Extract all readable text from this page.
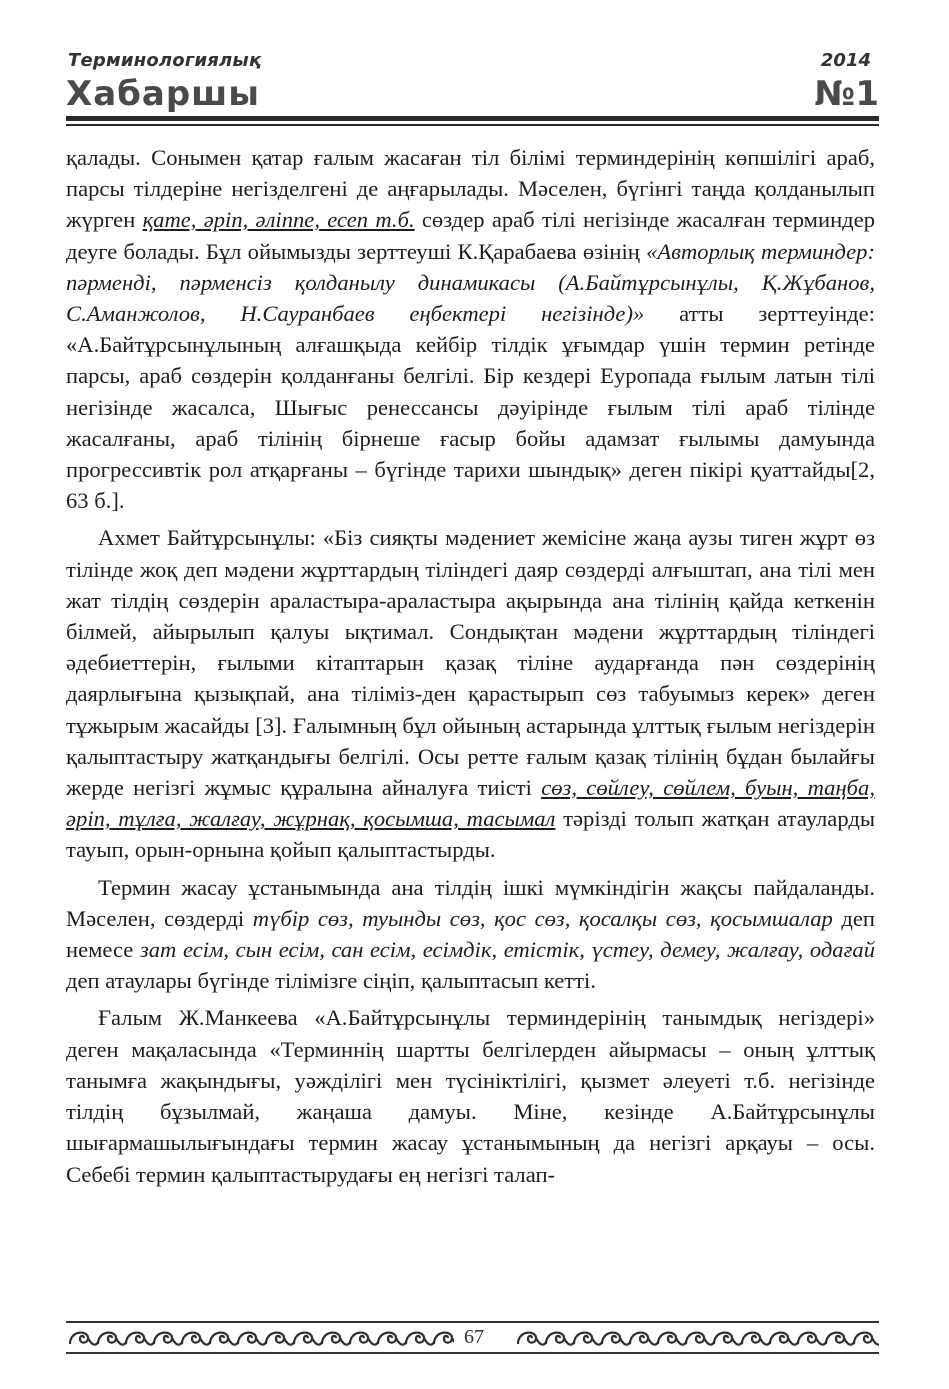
Терминологиялық
Хабаршы
2014
№1

қалады. Сонымен қатар ғалым жасаған тіл білімі терминдерінің көпшілігі араб, парсы тілдеріне негізделгені де аңғарылады. Мәселен, бүгінгі таңда қолданылып жүрген қате, әріп, әліппе, есеп т.б. сөздер араб тілі негізінде жасалған терминдер деуге болады. Бұл ойымызды зерттеуші К.Қарабаева өзінің «Авторлық терминдер: пәрменді, пәрменсіз қолданылу динамикасы (А.Байтұрсынұлы, Қ.Жұбанов, С.Аманжолов, Н.Сауранбаев еңбектері негізінде)» атты зерттеуінде: «А.Байтұрсынұлының алғашқыда кейбір тілдік ұғымдар үшін термин ретінде парсы, араб сөздерін қолданғаны белгілі. Бір кездері Еуропада ғылым латын тілі негізінде жасалса, Шығыс ренессансы дәуірінде ғылым тілі араб тілінде жасалғаны, араб тілінің бірнеше ғасыр бойы адамзат ғылымы дамуында прогрессивтік рол атқарғаны – бүгінде тарихи шындық» деген пікірі қуаттайды[2, 63 б.].

Ахмет Байтұрсынұлы: «Біз сияқты мәдениет жемісіне жаңа аузы тиген жұрт өз тілінде жоқ деп мәдени жұрттардың тіліндегі даяр сөздерді алғыштап, ана тілі мен жат тілдің сөздерін араластыра-араластыра ақырында ана тілінің қайда кеткенін білмей, айырылып қалуы ықтимал. Сондықтан мәдени жұрттардың тіліндегі әдебиеттерін, ғылыми кітаптарын қазақ тіліне аударғанда пән сөздерінің даярлығына қызықпай, ана тіліміз-ден қарастырып сөз табуымыз керек» деген тұжырым жасайды [3]. Ғалымның бұл ойының астарында ұлттық ғылым негіздерін қалыптастыру жатқандығы белгілі. Осы ретте ғалым қазақ тілінің бұдан былайғы жерде негізгі жұмыс құралына айналуға тиісті сөз, сөйлеу, сөйлем, буын, таңба, әріп, тұлға, жалғау, жұрнақ, қосымша, тасымал тәрізді толып жатқан атауларды тауып, орын-орнына қойып қалыптастырды.

Термин жасау ұстанымында ана тілдің ішкі мүмкіндігін жақсы пайдаланды. Мәселен, сөздерді түбір сөз, туынды сөз, қос сөз, қосалқы сөз, қосымшалар деп немесе зат есім, сын есім, сан есім, есімдік, етістік, үстеу, демеу, жалғау, одағай деп атаулары бүгінде тілімізге сіңіп, қалыптасып кетті.

Ғалым Ж.Манкеева «А.Байтұрсынұлы терминдерінің танымдық негіздері» деген мақаласында «Терминнің шартты белгілерден айырмасы – оның ұлттық танымға жақындығы, уәждiлігі мен түсініктілігі, қызмет әлеуеті т.б. негізінде тілдің бұзылмай, жаңаша дамуы. Міне, кезінде А.Байтұрсынұлы шығармашылығындағы термин жасау ұстанымының да негізгі арқауы – осы. Себебі термин қалыптастырудағы ең негізгі талап-

67
